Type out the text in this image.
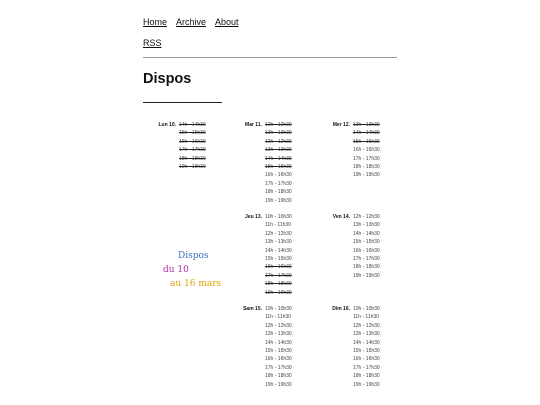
Home Archive About
RSS
Dispos
Lun 10. 14h - 14h30
15h - 15h30
16h - 16h30
17h - 17h30
18h - 18h30
19h - 19h30
Mar 11. 12h - 12h30
13h - 13h30
12h - 12h30
13h - 13h30
14h - 14h30
15h - 15h30
16h - 16h30
17h - 17h30
18h - 18h30
19h - 19h30
Mer 12. 13h - 13h30
14h - 14h30
15h - 15h30
16h - 16h30
17h - 17h30
18h - 18h30
19h - 19h30
Jeu 13. 10h - 10h30
11h - 11h30
12h - 12h30
13h - 13h30
14h - 14h30
15h - 15h30
16h - 16h30
17h - 17h30
18h - 18h30
19h - 19h30
Ven 14. 12h - 12h30
13h - 13h30
14h - 14h30
15h - 15h30
16h - 16h30
17h - 17h30
18h - 18h30
19h - 19h30
Sam 15. 10h - 10h30
11h - 11h30
12h - 12h30
13h - 13h30
14h - 14h30
15h - 15h30
16h - 16h30
17h - 17h30
18h - 18h30
19h - 19h30
Dim 16. 10h - 10h30
11h - 11h30
12h - 12h30
13h - 13h30
14h - 14h30
15h - 15h30
16h - 16h30
17h - 17h30
18h - 18h30
19h - 19h30
Dispos
du 10
au 16 mars
